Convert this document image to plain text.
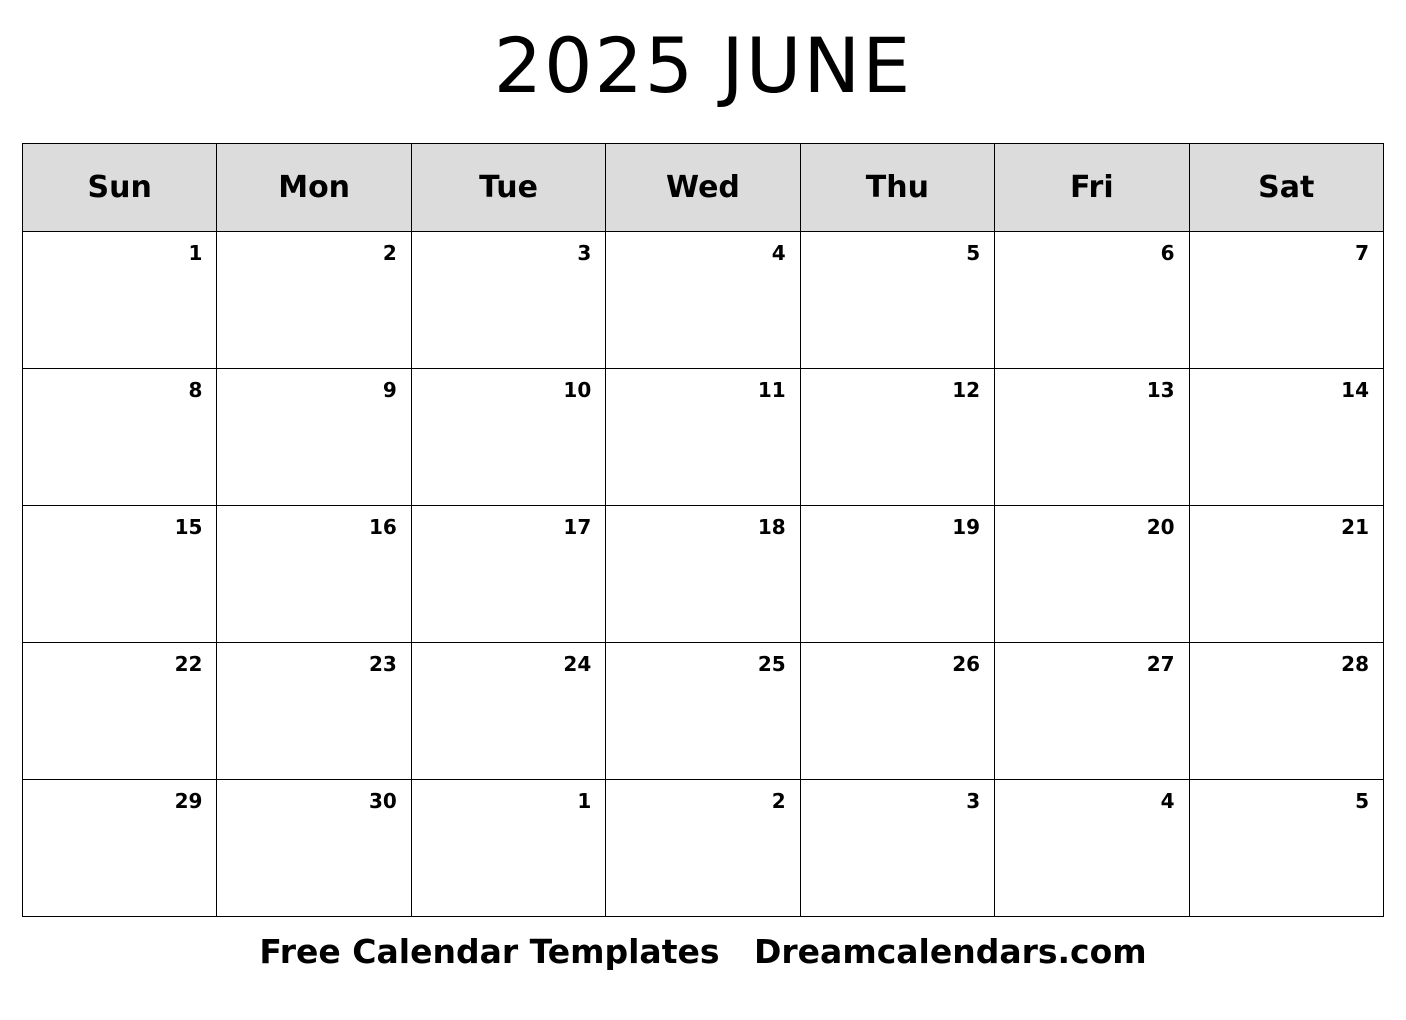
2025 JUNE
Sun	Mon	Tue	Wed	Thu	Fri	Sat
1	2	3	4	5	6	7
8	9	10	11	12	13	14
15	16	17	18	19	20	21
22	23	24	25	26	27	28
29	30	1	2	3	4	5
Free Calendar Templates Dreamcalendars.com
